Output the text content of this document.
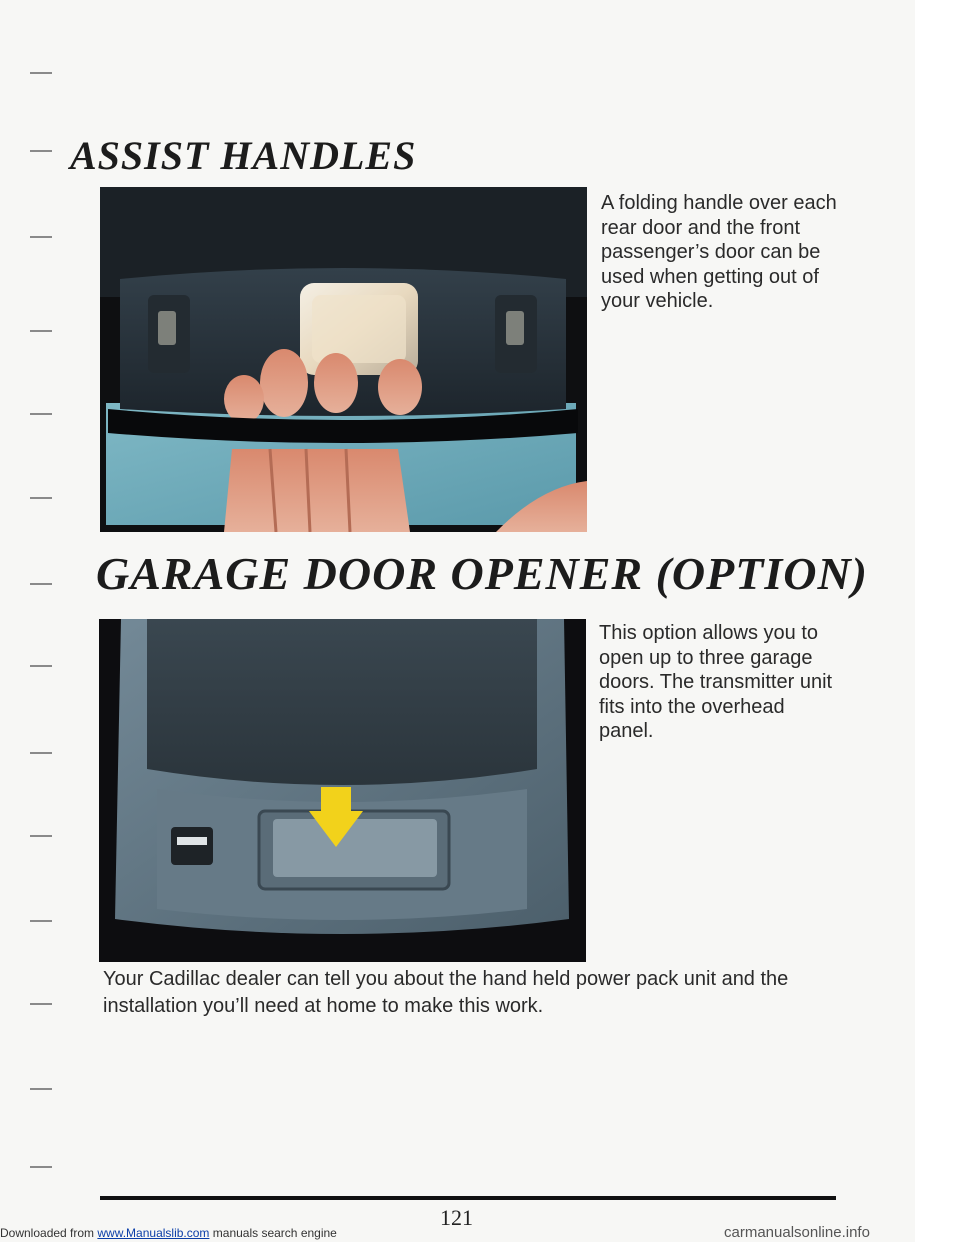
ASSIST HANDLES

A folding handle over each rear door and the front passenger’s door can be used when getting out of your vehicle.

GARAGE DOOR OPENER (OPTION)

This option allows you to open up to three garage doors. The transmitter unit fits into the overhead panel.

Your Cadillac dealer can tell you about the hand held power pack unit and the installation you’ll need at home to make this work.

121
Downloaded from www.Manualslib.com manuals search engine	carmanualsonline.info
